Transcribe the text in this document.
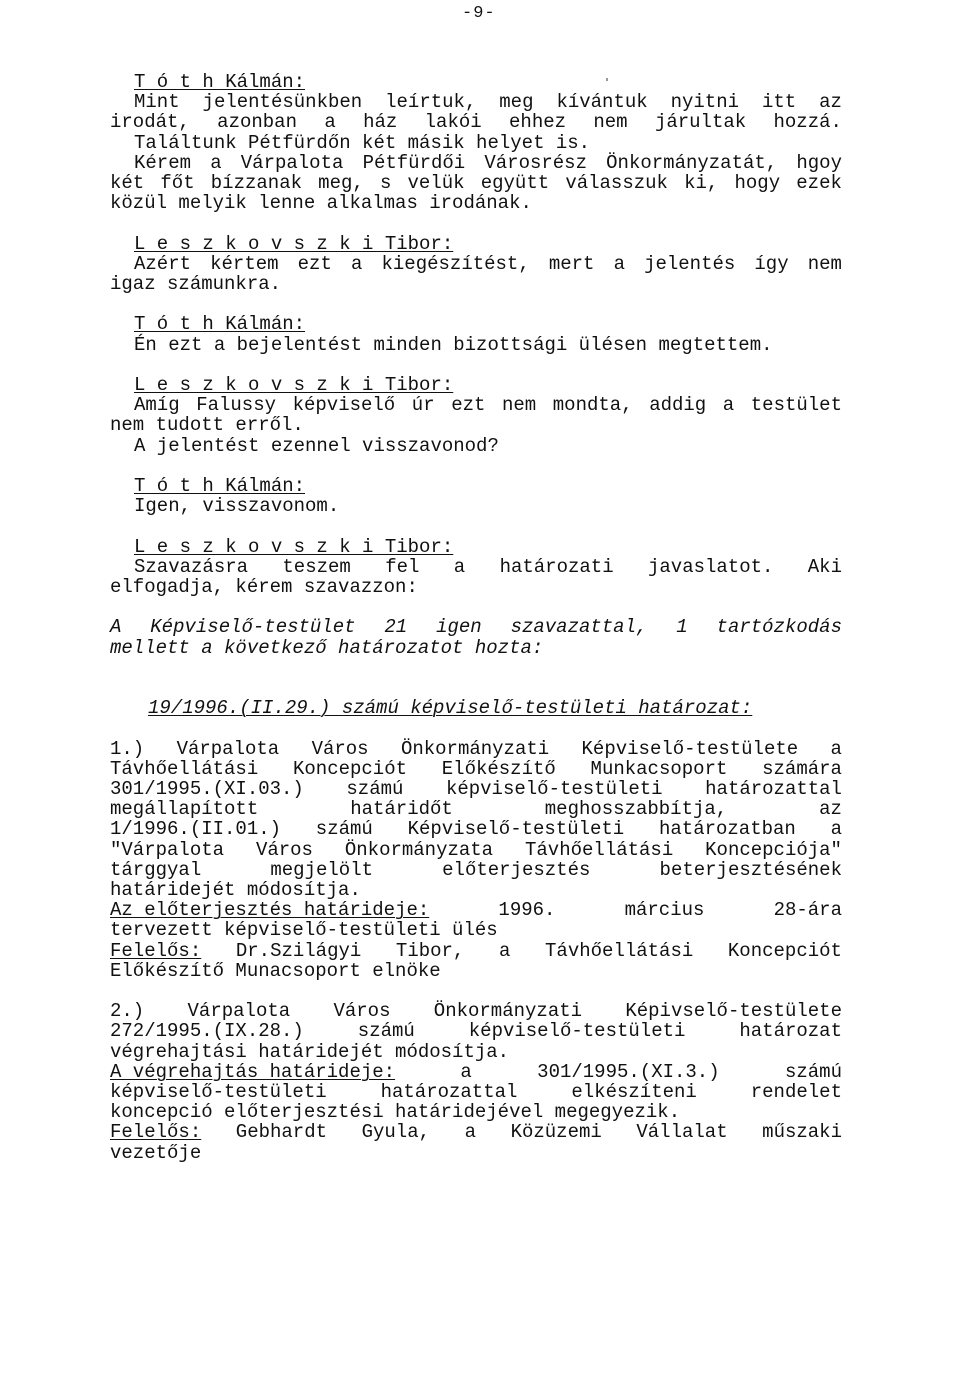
-9-
T ó t h Kálmán:
Mint jelentésünkben leírtuk, meg kívántuk nyitni itt az
irodát, azonban a ház lakói ehhez nem járultak hozzá.
Találtunk Pétfürdőn két másik helyet is.
Kérem a Várpalota Pétfürdői Városrész Önkormányzatát, hgoy
két főt bízzanak meg, s velük együtt válasszuk ki, hogy ezek
közül melyik lenne alkalmas irodának.
L e s z k o v s z k i Tibor:
Azért kértem ezt a kiegészítést, mert a jelentés így nem
igaz számunkra.
T ó t h Kálmán:
Én ezt a bejelentést minden bizottsági ülésen megtettem.
L e s z k o v s z k i Tibor:
Amíg Falussy képviselő úr ezt nem mondta, addig a testület
nem tudott erről.
A jelentést ezennel visszavonod?
T ó t h Kálmán:
Igen, visszavonom.
L e s z k o v s z k i Tibor:
Szavazásra teszem fel a határozati javaslatot. Aki
elfogadja, kérem szavazzon:
A Képviselő-testület 21 igen szavazattal, 1 tartózkodás
mellett a következő határozatot hozta:
19/1996.(II.29.) számú képviselő-testületi határozat:
1.) Várpalota Város Önkormányzati Képviselő-testülete a
Távhőellátási Koncepciót Előkészítő Munkacsoport számára
301/1995.(XI.03.) számú képviselő-testületi határozattal
megállapított	határidőt	meghosszabbítja,	az
1/1996.(II.01.) számú Képviselő-testületi határozatban a
"Várpalota Város Önkormányzata Távhőellátási Koncepciója"
tárggyal	megjelölt	előterjesztés	beterjesztésének
határidejét módosítja.
Az előterjesztés határideje:	1996.	március	28-ára
tervezett képviselő-testületi ülés
Felelős: Dr.Szilágyi Tibor, a Távhőellátási Koncepciót
Előkészítő Munacsoport elnöke
2.) Várpalota Város Önkormányzati Képivselő-testülete
272/1995.(IX.28.)	számú	képviselő-testületi	határozat
végrehajtási határidejét módosítja.
A végrehajtás határideje:	a	301/1995.(XI.3.)	számú
képviselő-testületi	határozattal	elkészíteni	rendelet
koncepció előterjesztési határidejével megegyezik.
Felelős: Gebhardt Gyula, a Közüzemi Vállalat műszaki
vezetője
